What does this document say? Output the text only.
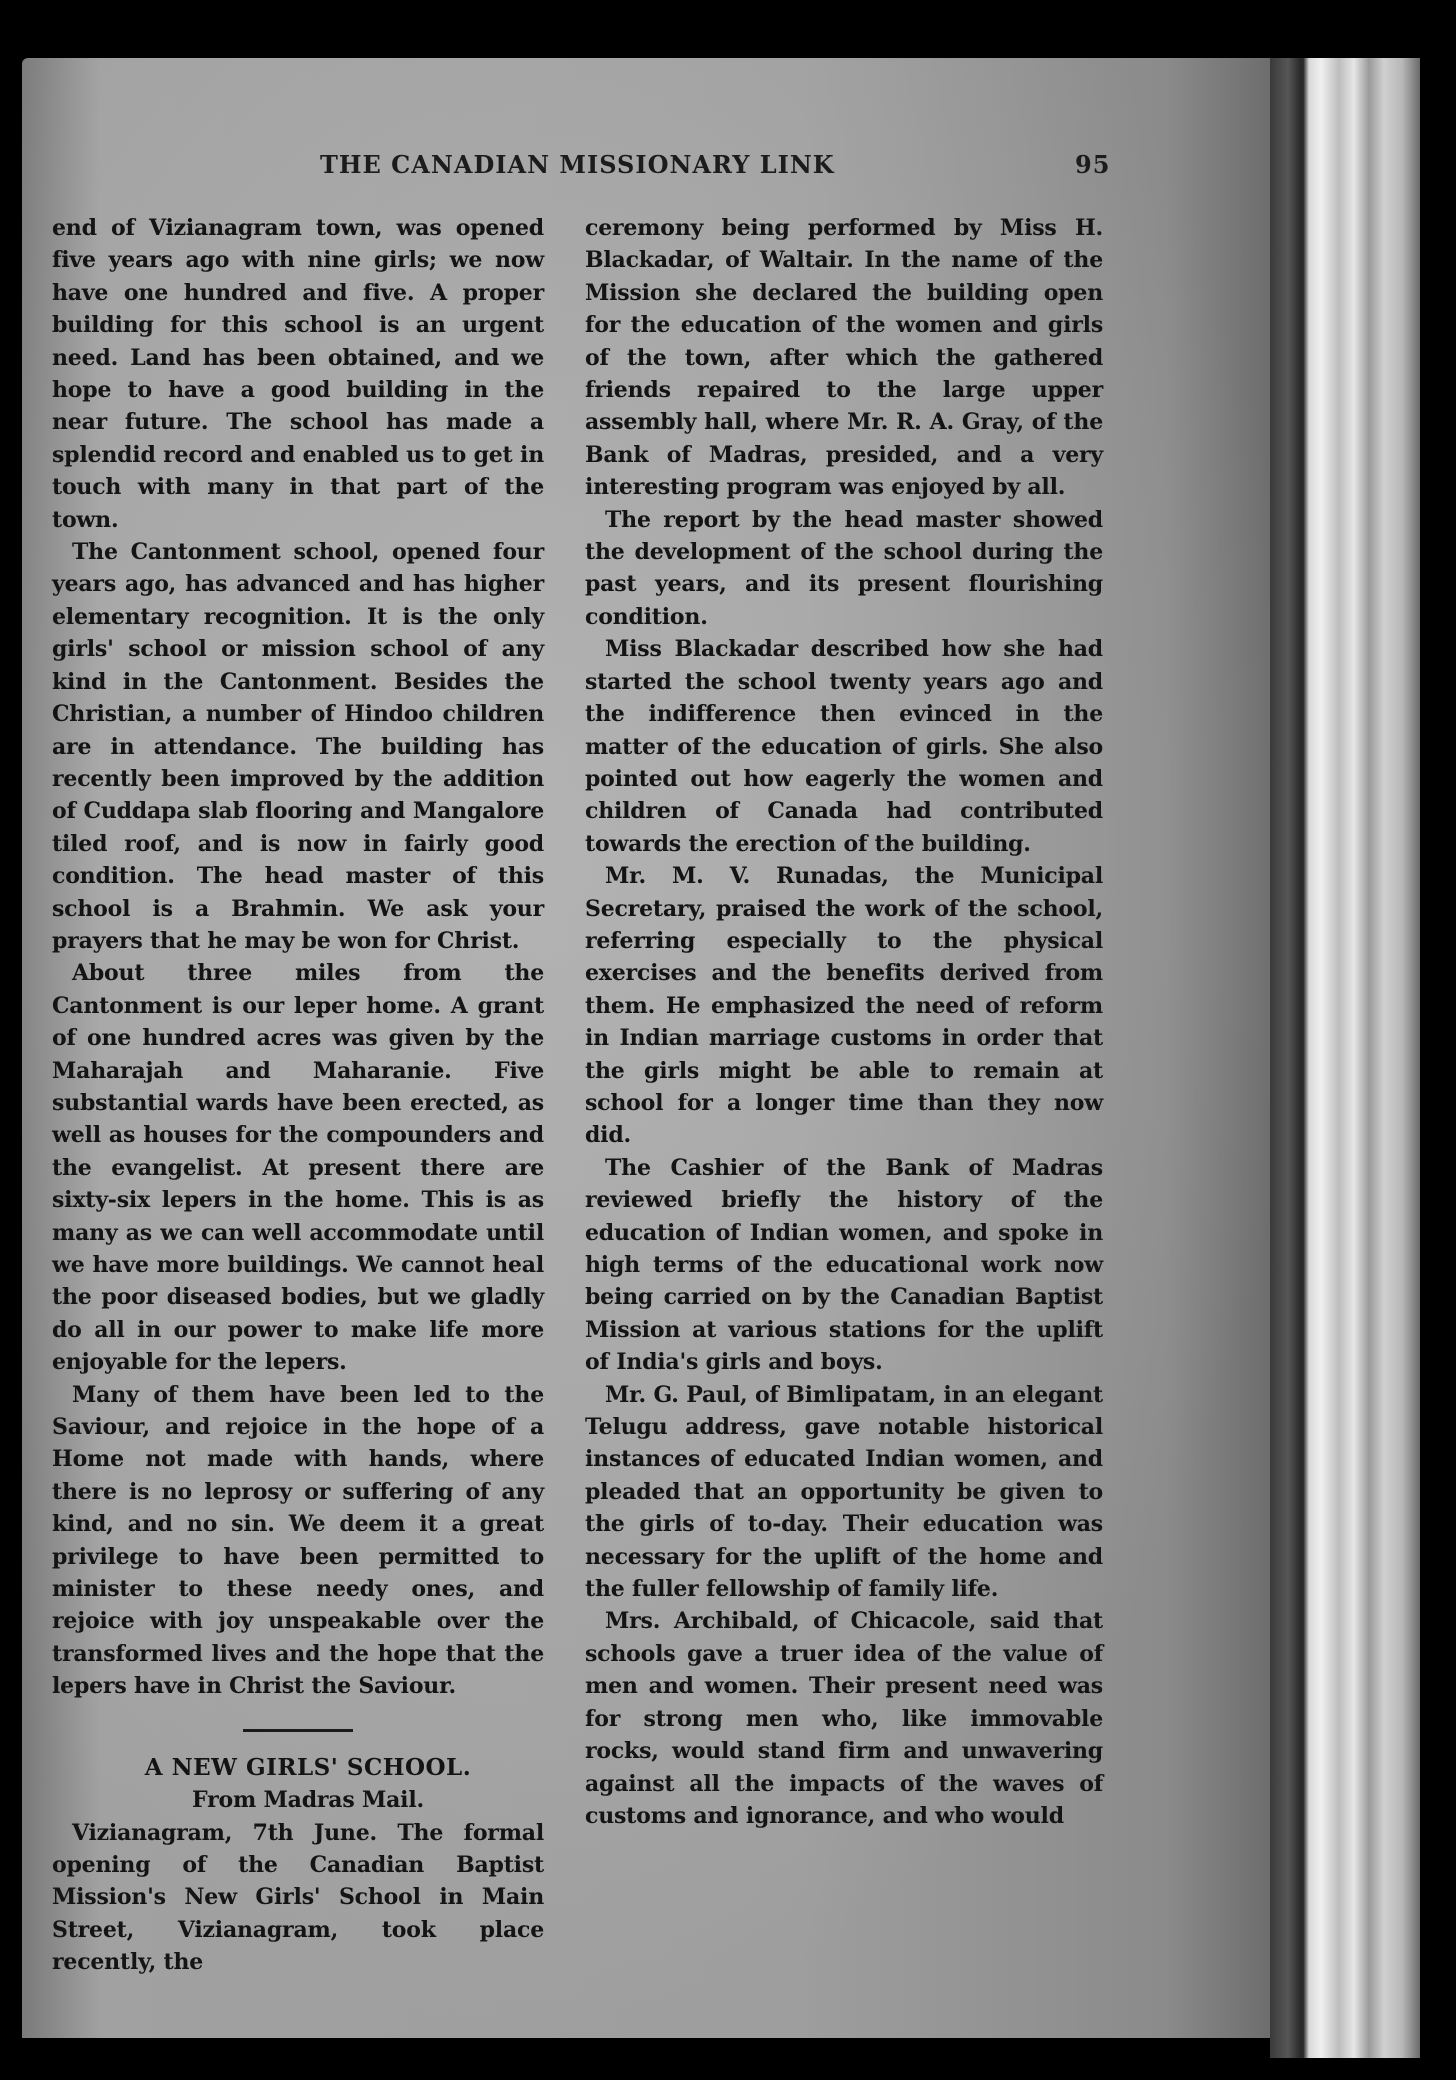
THE CANADIAN MISSIONARY LINK	95

end of Vizianagram town, was opened five years ago with nine girls; we now have one hundred and five. A proper building for this school is an urgent need. Land has been obtained, and we hope to have a good building in the near future. The school has made a splendid record and enabled us to get in touch with many in that part of the town.

The Cantonment school, opened four years ago, has advanced and has higher elementary recognition. It is the only girls' school or mission school of any kind in the Cantonment. Besides the Christian, a number of Hindoo children are in attendance. The building has recently been improved by the addition of Cuddapa slab flooring and Mangalore tiled roof, and is now in fairly good condition. The head master of this school is a Brahmin. We ask your prayers that he may be won for Christ.

About three miles from the Cantonment is our leper home. A grant of one hundred acres was given by the Maharajah and Maharanie. Five substantial wards have been erected, as well as houses for the compounders and the evangelist. At present there are sixty-six lepers in the home. This is as many as we can well accommodate until we have more buildings. We cannot heal the poor diseased bodies, but we gladly do all in our power to make life more enjoyable for the lepers.

Many of them have been led to the Saviour, and rejoice in the hope of a Home not made with hands, where there is no leprosy or suffering of any kind, and no sin. We deem it a great privilege to have been permitted to minister to these needy ones, and rejoice with joy unspeakable over the transformed lives and the hope that the lepers have in Christ the Saviour.

A NEW GIRLS' SCHOOL.

From Madras Mail.

Vizianagram, 7th June. The formal opening of the Canadian Baptist Mission's New Girls' School in Main Street, Vizianagram, took place recently, the

ceremony being performed by Miss H. Blackadar, of Waltair. In the name of the Mission she declared the building open for the education of the women and girls of the town, after which the gathered friends repaired to the large upper assembly hall, where Mr. R. A. Gray, of the Bank of Madras, presided, and a very interesting program was enjoyed by all.

The report by the head master showed the development of the school during the past years, and its present flourishing condition.

Miss Blackadar described how she had started the school twenty years ago and the indifference then evinced in the matter of the education of girls. She also pointed out how eagerly the women and children of Canada had contributed towards the erection of the building.

Mr. M. V. Runadas, the Municipal Secretary, praised the work of the school, referring especially to the physical exercises and the benefits derived from them. He emphasized the need of reform in Indian marriage customs in order that the girls might be able to remain at school for a longer time than they now did.

The Cashier of the Bank of Madras reviewed briefly the history of the education of Indian women, and spoke in high terms of the educational work now being carried on by the Canadian Baptist Mission at various stations for the uplift of India's girls and boys.

Mr. G. Paul, of Bimlipatam, in an elegant Telugu address, gave notable historical instances of educated Indian women, and pleaded that an opportunity be given to the girls of to-day. Their education was necessary for the uplift of the home and the fuller fellowship of family life.

Mrs. Archibald, of Chicacole, said that schools gave a truer idea of the value of men and women. Their present need was for strong men who, like immovable rocks, would stand firm and unwavering against all the impacts of the waves of customs and ignorance, and who would
